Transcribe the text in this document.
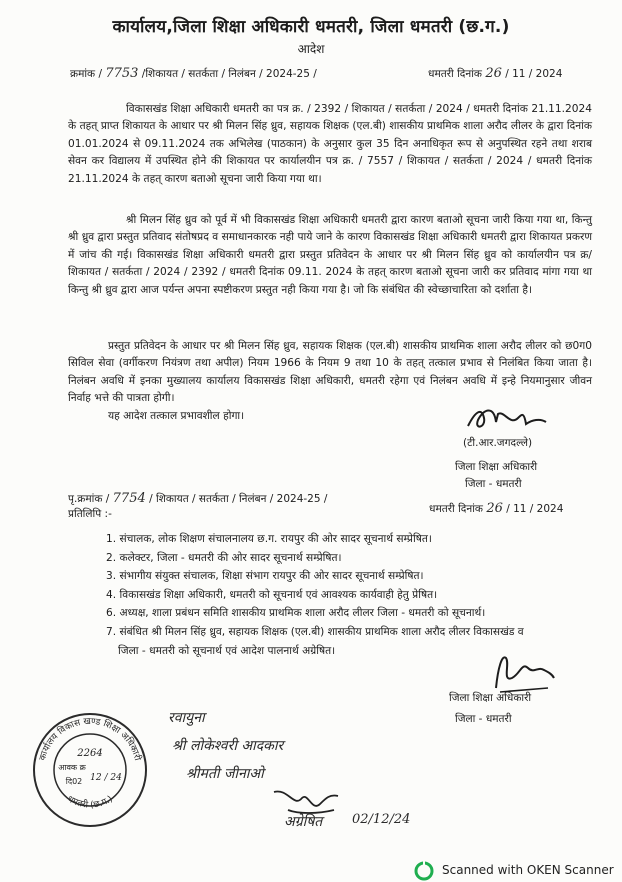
कार्यालय,जिला शिक्षा अधिकारी धमतरी, जिला धमतरी (छ.ग.)
आदेश
क्रमांक / 7753 /शिकायत / सतर्कता / निलंबन / 2024-25 /	धमतरी दिनांक 26 / 11 / 2024
विकासखंड शिक्षा अधिकारी धमतरी का पत्र क्र. / 2392 / शिकायत / सतर्कता / 2024 / धमतरी दिनांक 21.11.2024 के तहत् प्राप्त शिकायत के आधार पर श्री मिलन सिंह ध्रुव, सहायक शिक्षक (एल.बी) शासकीय प्राथमिक शाला अरौद लीलर के द्वारा दिनांक 01.01.2024 से 09.11.2024 तक अभिलेख (पाठकान) के अनुसार कुल 35 दिन अनाधिकृत रूप से अनुपस्थित रहने तथा शराब सेवन कर विद्यालय में उपस्थित होने की शिकायत पर कार्यालयीन पत्र क्र. / 7557 / शिकायत / सतर्कता / 2024 / धमतरी दिनांक 21.11.2024 के तहत् कारण बताओ सूचना जारी किया गया था।
श्री मिलन सिंह ध्रुव को पूर्व में भी विकासखंड शिक्षा अधिकारी धमतरी द्वारा कारण बताओ सूचना जारी किया गया था, किन्तु श्री ध्रुव द्वारा प्रस्तुत प्रतिवाद संतोषप्रद व समाधानकारक नही पाये जाने के कारण विकासखंड शिक्षा अधिकारी धमतरी द्वारा शिकायत प्रकरण में जांच की गई। विकासखंड शिक्षा अधिकारी धमतरी द्वारा प्रस्तुत प्रतिवेदन के आधार पर श्री मिलन सिंह ध्रुव को कार्यालयीन पत्र क्र/शिकायत / सतर्कता / 2024 / 2392 / धमतरी दिनांक 09.11. 2024 के तहत् कारण बताओ सूचना जारी कर प्रतिवाद मांगा गया था किन्तु श्री ध्रुव द्वारा आज पर्यन्त अपना स्पष्टीकरण प्रस्तुत नही किया गया है। जो कि संबंधित की स्वेच्छाचारिता को दर्शाता है।
प्रस्तुत प्रतिवेदन के आधार पर श्री मिलन सिंह ध्रुव, सहायक शिक्षक (एल.बी) शासकीय प्राथमिक शाला अरौद लीलर को छ0ग0 सिविल सेवा (वर्गीकरण नियंत्रण तथा अपील) नियम 1966 के नियम 9 तथा 10 के तहत् तत्काल प्रभाव से निलंबित किया जाता है। निलंबन अवधि में इनका मुख्यालय कार्यालय विकासखंड शिक्षा अधिकारी, धमतरी रहेगा एवं निलंबन अवधि में इन्हे नियमानुसार जीवन निर्वाह भत्ते की पात्रता होगी।
यह आदेश तत्काल प्रभावशील होगा।
(टी.आर.जगदल्ले)
जिला शिक्षा अधिकारी
जिला - धमतरी
पृ.क्रमांक / 7754 / शिकायत / सतर्कता / निलंबन / 2024-25 /
प्रतिलिपि :-	धमतरी दिनांक 26 / 11 / 2024
1. संचालक, लोक शिक्षण संचालनालय छ.ग. रायपुर की ओर सादर सूचनार्थ सम्प्रेषित।
2. कलेक्टर, जिला - धमतरी की ओर सादर सूचनार्थ सम्प्रेषित।
3. संभागीय संयुक्त संचालक, शिक्षा संभाग रायपुर की ओर सादर सूचनार्थ सम्प्रेषित।
4. विकासखंड शिक्षा अधिकारी, धमतरी को सूचनार्थ एवं आवश्यक कार्यवाही हेतु प्रेषित।
6. अध्यक्ष, शाला प्रबंधन समिति शासकीय प्राथमिक शाला अरौद लीलर जिला - धमतरी को सूचनार्थ।
7. संबंधित श्री मिलन सिंह ध्रुव, सहायक शिक्षक (एल.बी) शासकीय प्राथमिक शाला अरौद लीलर विकासखंड व
जिला - धमतरी को सूचनार्थ एवं आदेश पालनार्थ अग्रेषित।
जिला शिक्षा अधिकारी
जिला - धमतरी
कार्यालय विकास खण्ड शिक्षा अधिकारी
धमतरी (छ.ग.)
2264
आवक क्र
दि02 12 / 24
रवायुना
श्री लोकेश्वरी आदकार
श्रीमती जीनाओ
अग्रेषित 02/12/24
Scanned with OKEN Scanner
